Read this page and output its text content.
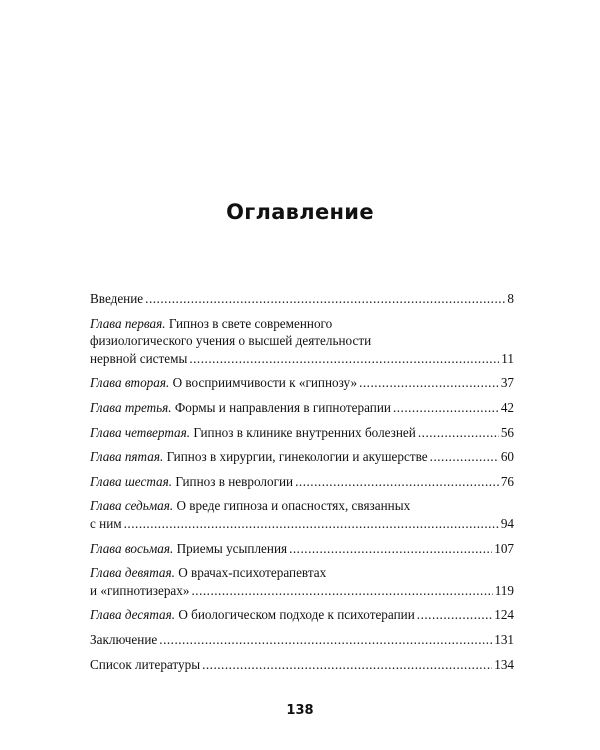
Оглавление
Введение .....	8
Глава первая. Гипноз в свете современного
физиологического учения о высшей деятельности
нервной системы .....	11
Глава вторая. О восприимчивости к «гипнозу» .....	37
Глава третья. Формы и направления в гипнотерапии .....	42
Глава четвертая. Гипноз в клинике внутренних болезней .....	56
Глава пятая. Гипноз в хирургии, гинекологии и акушерстве .....	60
Глава шестая. Гипноз в неврологии .....	76
Глава седьмая. О вреде гипноза и опасностях, связанных
с ним .....	94
Глава восьмая. Приемы усыпления .....	107
Глава девятая. О врачах-психотерапевтах
и «гипнотизерах» .....	119
Глава десятая. О биологическом подходе к психотерапии .....	124
Заключение .....	131
Список литературы .....	134
138
